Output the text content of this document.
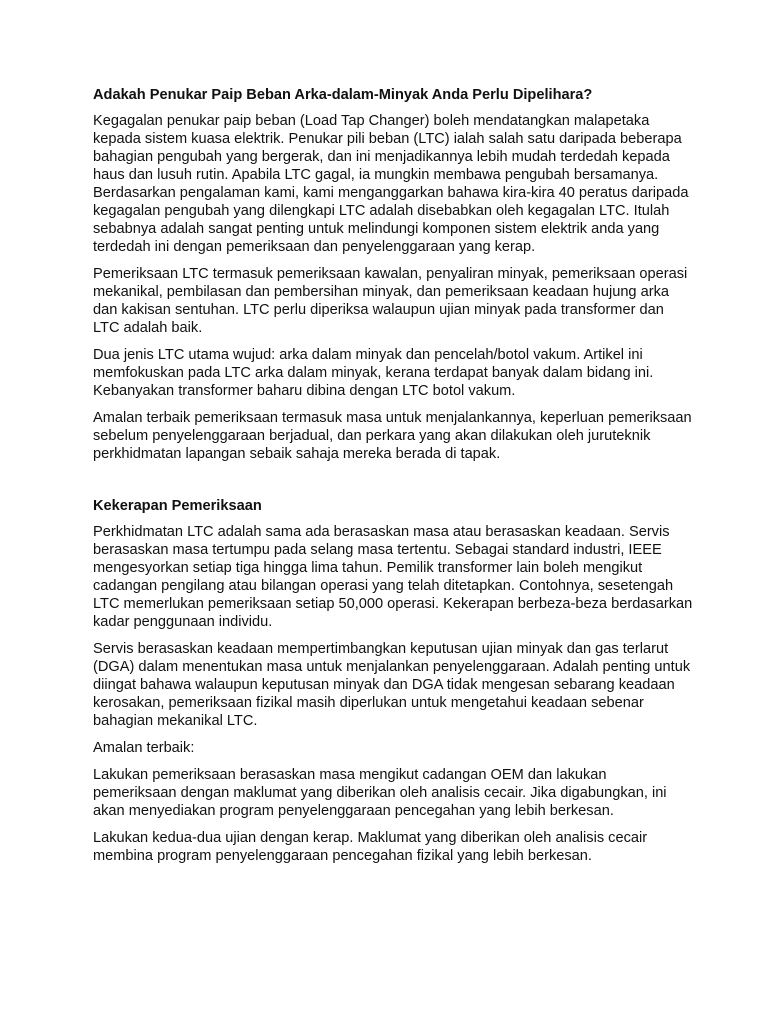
Adakah Penukar Paip Beban Arka-dalam-Minyak Anda Perlu Dipelihara?

Kegagalan penukar paip beban (Load Tap Changer) boleh mendatangkan malapetaka kepada sistem kuasa elektrik. Penukar pili beban (LTC) ialah salah satu daripada beberapa bahagian pengubah yang bergerak, dan ini menjadikannya lebih mudah terdedah kepada haus dan lusuh rutin. Apabila LTC gagal, ia mungkin membawa pengubah bersamanya. Berdasarkan pengalaman kami, kami menganggarkan bahawa kira-kira 40 peratus daripada kegagalan pengubah yang dilengkapi LTC adalah disebabkan oleh kegagalan LTC. Itulah sebabnya adalah sangat penting untuk melindungi komponen sistem elektrik anda yang terdedah ini dengan pemeriksaan dan penyelenggaraan yang kerap.

Pemeriksaan LTC termasuk pemeriksaan kawalan, penyaliran minyak, pemeriksaan operasi mekanikal, pembilasan dan pembersihan minyak, dan pemeriksaan keadaan hujung arka dan kakisan sentuhan. LTC perlu diperiksa walaupun ujian minyak pada transformer dan LTC adalah baik.

Dua jenis LTC utama wujud: arka dalam minyak dan pencelah/botol vakum. Artikel ini memfokuskan pada LTC arka dalam minyak, kerana terdapat banyak dalam bidang ini. Kebanyakan transformer baharu dibina dengan LTC botol vakum.

Amalan terbaik pemeriksaan termasuk masa untuk menjalankannya, keperluan pemeriksaan sebelum penyelenggaraan berjadual, dan perkara yang akan dilakukan oleh juruteknik perkhidmatan lapangan sebaik sahaja mereka berada di tapak.

Kekerapan Pemeriksaan

Perkhidmatan LTC adalah sama ada berasaskan masa atau berasaskan keadaan. Servis berasaskan masa tertumpu pada selang masa tertentu. Sebagai standard industri, IEEE mengesyorkan setiap tiga hingga lima tahun. Pemilik transformer lain boleh mengikut cadangan pengilang atau bilangan operasi yang telah ditetapkan. Contohnya, sesetengah LTC memerlukan pemeriksaan setiap 50,000 operasi. Kekerapan berbeza-beza berdasarkan kadar penggunaan individu.

Servis berasaskan keadaan mempertimbangkan keputusan ujian minyak dan gas terlarut (DGA) dalam menentukan masa untuk menjalankan penyelenggaraan. Adalah penting untuk diingat bahawa walaupun keputusan minyak dan DGA tidak mengesan sebarang keadaan kerosakan, pemeriksaan fizikal masih diperlukan untuk mengetahui keadaan sebenar bahagian mekanikal LTC.

Amalan terbaik:

Lakukan pemeriksaan berasaskan masa mengikut cadangan OEM dan lakukan pemeriksaan dengan maklumat yang diberikan oleh analisis cecair. Jika digabungkan, ini akan menyediakan program penyelenggaraan pencegahan yang lebih berkesan.

Lakukan kedua-dua ujian dengan kerap. Maklumat yang diberikan oleh analisis cecair membina program penyelenggaraan pencegahan fizikal yang lebih berkesan.
